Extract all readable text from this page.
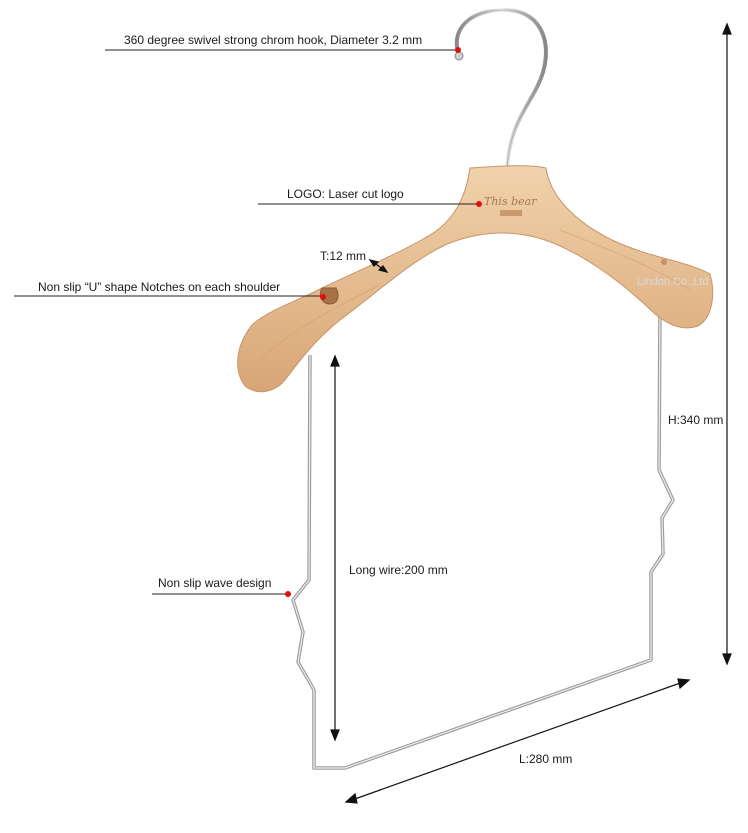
This bear
360 degree swivel strong chrom hook, Diameter 3.2 mm
LOGO: Laser cut logo
T:12 mm
Non slip “U” shape Notches on each shoulder
Non slip wave design
Long wire:200 mm
H:340 mm
L:280 mm
Lindon Co.,Ltd
